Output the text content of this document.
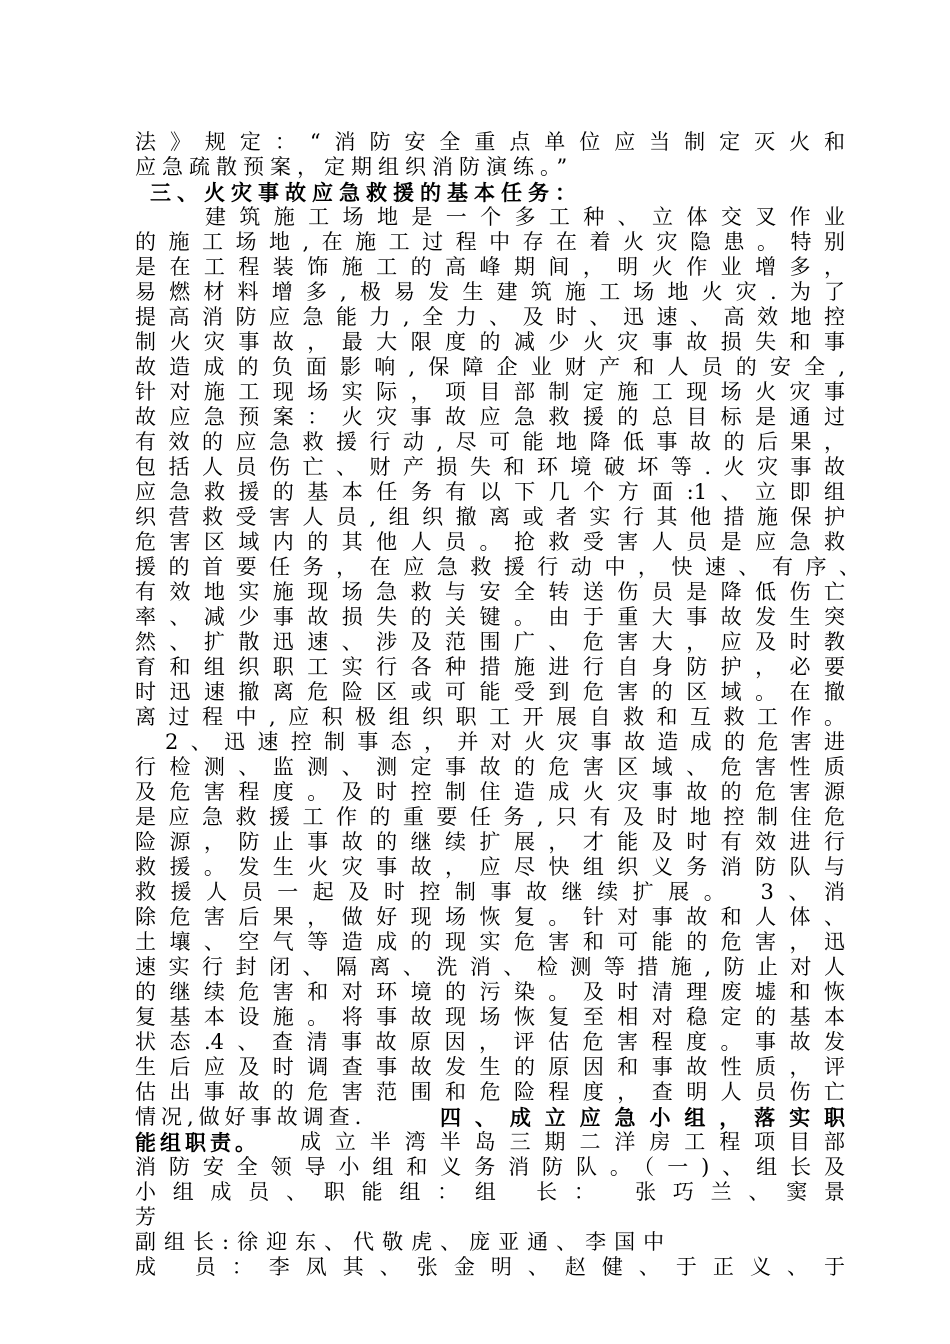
法》规定：“消防安全重点单位应当制定灭火和
应急疏散预案，定期组织消防演练。”
三、火灾事故应急救援的基本任务：
建筑施工场地是一个多工种、立体交叉作业
的施工场地,在施工过程中存在着火灾隐患。特别
是在工程装饰施工的高峰期间，明火作业增多，
易燃材料增多,极易发生建筑施工场地火灾.为了
提高消防应急能力,全力、及时、迅速、高效地控
制火灾事故，最大限度的减少火灾事故损失和事
故造成的负面影响,保障企业财产和人员的安全,
针对施工现场实际，项目部制定施工现场火灾事
故应急预案：火灾事故应急救援的总目标是通过
有效的应急救援行动,尽可能地降低事故的后果，
包括人员伤亡、财产损失和环境破坏等.火灾事故
应急救援的基本任务有以下几个方面:1、立即组
织营救受害人员,组织撤离或者实行其他措施保护
危害区域内的其他人员。抢救受害人员是应急救
援的首要任务，在应急救援行动中，快速、有序、
有效地实施现场急救与安全转送伤员是降低伤亡
率、减少事故损失的关键。由于重大事故发生突
然、扩散迅速、涉及范围广、危害大，应及时教
育和组织职工实行各种措施进行自身防护，必要
时迅速撤离危险区或可能受到危害的区域。在撤
离过程中,应积极组织职工开展自救和互救工作。
2、迅速控制事态，并对火灾事故造成的危害进
行检测、监测、测定事故的危害区域、危害性质
及危害程度。及时控制住造成火灾事故的危害源
是应急救援工作的重要任务,只有及时地控制住危
险源，防止事故的继续扩展，才能及时有效进行
救援。发生火灾事故，应尽快组织义务消防队与
救援人员一起及时控制事故继续扩展。 3、消
除危害后果，做好现场恢复。针对事故和人体、
土壤、空气等造成的现实危害和可能的危害，迅
速实行封闭、隔离、洗消、检测等措施,防止对人
的继续危害和对环境的污染。及时清理废墟和恢
复基本设施。将事故现场恢复至相对稳定的基本
状态.4、查清事故原因，评估危害程度。事故发
生后应及时调查事故发生的原因和事故性质，评
估出事故的危害范围和危险程度，查明人员伤亡
情况,做好事故调查.	四、成立应急小组，落实职
能组职责。	成立半湾半岛三期二洋房工程项目部
消防安全领导小组和义务消防队。（一)、组长及
小组成员、职能组：组 长： 张巧兰、窦景
芳
副组长:徐迎东、代敬虎、庞亚通、李国中
成 员：李凤其、张金明、赵健、于正义、于
